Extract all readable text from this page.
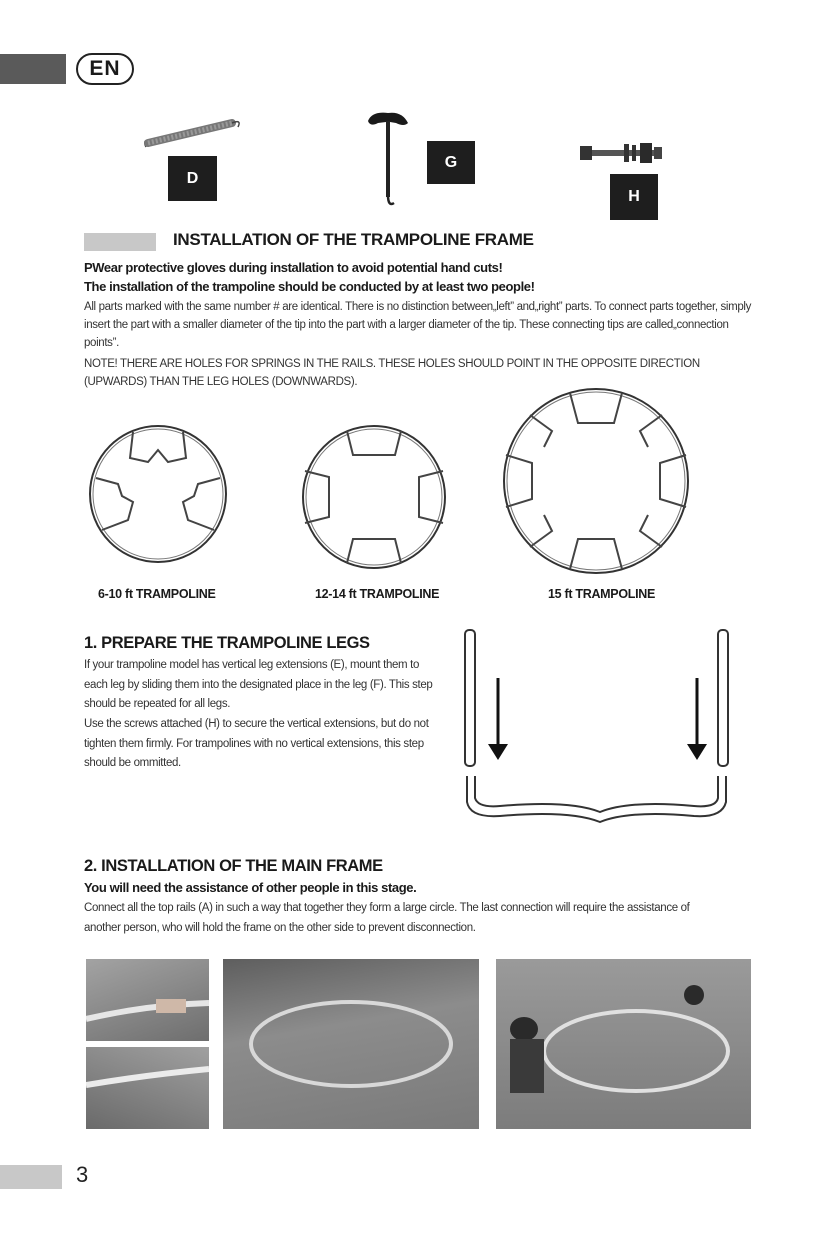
EN
D
G
H
INSTALLATION OF THE TRAMPOLINE FRAME
PWear protective gloves during installation to avoid potential hand cuts!
The installation of the trampoline should be conducted by at least two people!
All parts marked with the same number # are identical. There is no distinction between„left” and„right” parts. To connect parts together, simply insert the part with a smaller diameter of the tip into the part with a larger diameter of the tip. These connecting tips are called„connection points”.
NOTE! THERE ARE HOLES FOR SPRINGS IN THE RAILS. THESE HOLES SHOULD POINT IN THE OPPOSITE DIRECTION (UPWARDS) THAN THE LEG HOLES (DOWNWARDS).
6-10 ft TRAMPOLINE	12-14 ft TRAMPOLINE	15 ft TRAMPOLINE
1. PREPARE THE TRAMPOLINE LEGS
If your trampoline model has vertical leg extensions (E), mount them to each leg by sliding them into the designated place in the leg (F). This step should be repeated for all legs.
Use the screws attached (H) to secure the vertical extensions, but do not tighten them firmly. For trampolines with no vertical extensions, this step should be ommitted.
2. INSTALLATION OF THE MAIN FRAME
You will need the assistance of other people in this stage.
Connect all the top rails (A) in such a way that together they form a large circle. The last connection will require the assistance of another person, who will hold the frame on the other side to prevent disconnection.
3
